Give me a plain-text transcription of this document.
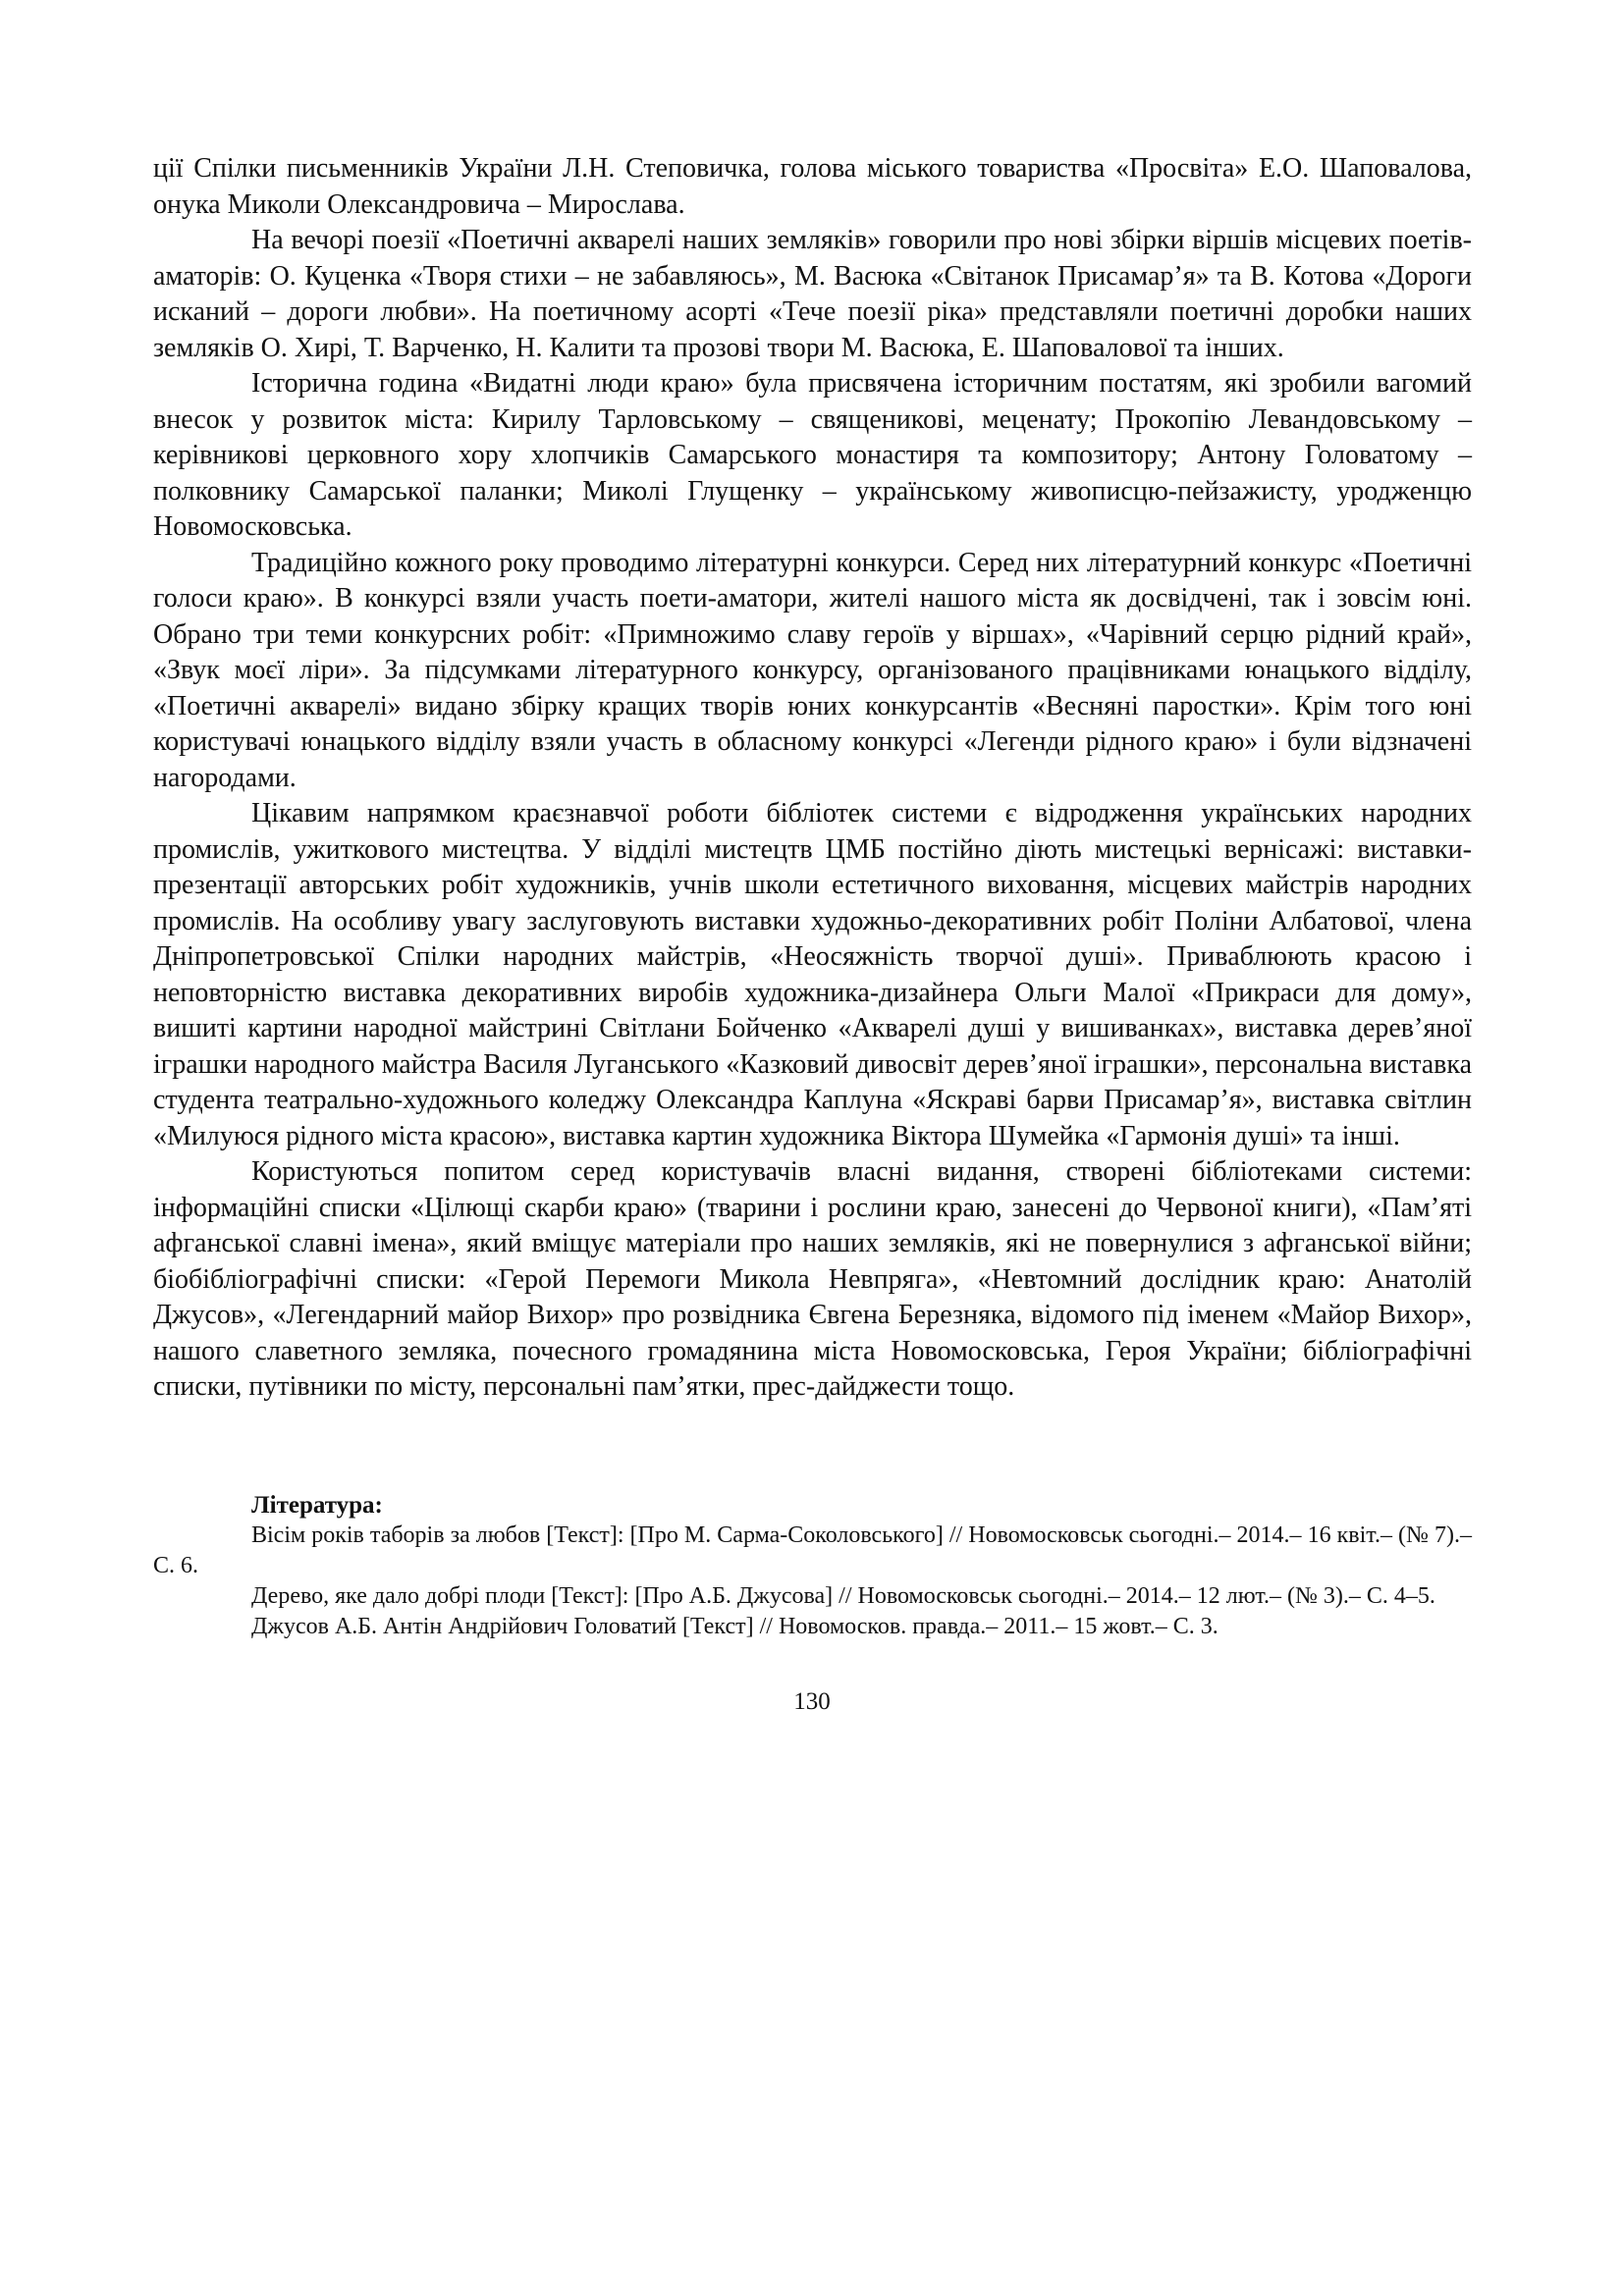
ції Спілки письменників України Л.Н. Степовичка, голова міського товариства «Просвіта» Е.О. Шаповалова, онука Миколи Олександровича – Мирослава.

На вечорі поезії «Поетичні акварелі наших земляків» говорили про нові збірки віршів місцевих поетів- аматорів: О. Куценка «Творя стихи – не забавляюсь», М. Васюка «Світанок Присамар’я» та В. Котова «Дороги исканий – дороги любви». На поетичному асорті «Тече поезії ріка» представляли поетичні доробки наших земляків О. Хирі, Т. Варченко, Н. Калити та прозові твори М. Васюка, Е. Шаповалової та інших.

Історична година «Видатні люди краю» була присвячена історичним постатям, які зробили вагомий внесок у розвиток міста: Кирилу Тарловському – священикові, меценату; Прокопію Левандовському – керівникові церковного хору хлопчиків Самарського монастиря та композитору; Антону Головатому – полковнику Самарської паланки; Миколі Глущенку – українському живописцю-пейзажисту, уродженцю Новомосковська.

Традиційно кожного року проводимо літературні конкурси. Серед них літературний конкурс «Поетичні голоси краю». В конкурсі взяли участь поети-аматори, жителі нашого міста як досвідчені, так і зовсім юні. Обрано три теми конкурсних робіт: «Примножимо славу героїв у віршах», «Чарівний серцю рідний край», «Звук моєї ліри». За підсумками літературного конкурсу, організованого працівниками юнацького відділу, «Поетичні акварелі» видано збірку кращих творів юних конкурсантів «Весняні паростки». Крім того юні користувачі юнацького відділу взяли участь в обласному конкурсі «Легенди рідного краю» і були відзначені нагородами.

Цікавим напрямком краєзнавчої роботи бібліотек системи є відродження українських народних промислів, ужиткового мистецтва. У відділі мистецтв ЦМБ постійно діють мистецькі вернісажі: виставки-презентації авторських робіт художників, учнів школи естетичного виховання, місцевих майстрів народних промислів. На особливу увагу заслуговують виставки художньо-декоративних робіт Поліни Албатової, члена Дніпропетровської Спілки народних майстрів, «Неосяжність творчої душі». Приваблюють красою і неповторністю виставка декоративних виробів художника-дизайнера Ольги Малої «Прикраси для дому», вишиті картини народної майстрині Світлани Бойченко «Акварелі душі у вишиванках», виставка дерев’яної іграшки народного майстра Василя Луганського «Казковий дивосвіт дерев’яної іграшки», персональна виставка студента театрально-художнього коледжу Олександра Каплуна «Яскраві барви Присамар’я», виставка світлин «Милуюся рідного міста красою», виставка картин художника Віктора Шумейка «Гармонія душі» та інші.

Користуються попитом серед користувачів власні видання, створені бібліотеками системи: інформаційні списки «Цілющі скарби краю» (тварини і рослини краю, занесені до Червоної книги), «Пам’яті афганської славні імена», який вміщує матеріали про наших земляків, які не повернулися з афганської війни; біобібліографічні списки: «Герой Перемоги Микола Невпряга», «Невтомний дослідник краю: Анатолій Джусов», «Легендарний майор Вихор» про розвідника Євгена Березняка, відомого під іменем «Майор Вихор», нашого славетного земляка, почесного громадянина міста Новомосковська, Героя України; бібліографічні списки, путівники по місту, персональні пам’ятки, прес-дайджести тощо.

Література:

Вісім років таборів за любов [Текст]: [Про М. Сарма-Соколовського] // Новомосковськ сьогодні.– 2014.– 16 квіт.– (№ 7).– С. 6.

Дерево, яке дало добрі плоди [Текст]: [Про А.Б. Джусова] // Новомосковськ сьогодні.– 2014.– 12 лют.– (№ 3).– С. 4–5.

Джусов А.Б. Антін Андрійович Головатий [Текст] // Новомосков. правда.– 2011.– 15 жовт.– С. 3.

130
